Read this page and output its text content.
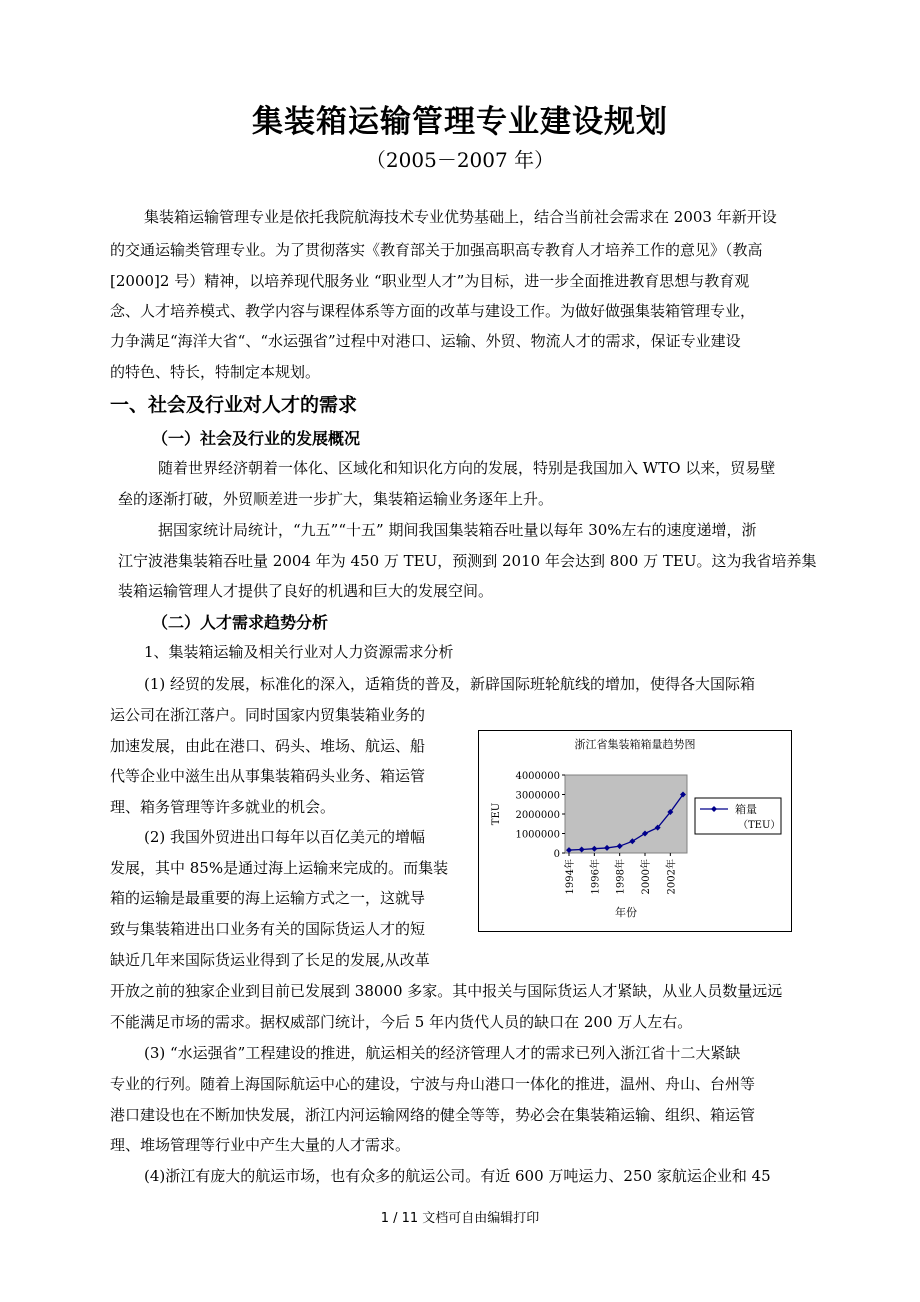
集装箱运输管理专业建设规划
（2005－2007 年）
集装箱运输管理专业是依托我院航海技术专业优势基础上，结合当前社会需求在 2003 年新开设
的交通运输类管理专业。为了贯彻落实《教育部关于加强高职高专教育人才培养工作的意见》（教高
[2000]2 号）精神，以培养现代服务业 “职业型人才”为目标，进一步全面推进教育思想与教育观
念、人才培养模式、教学内容与课程体系等方面的改革与建设工作。为做好做强集装箱管理专业，
力争满足“海洋大省“、“水运强省”过程中对港口、运输、外贸、物流人才的需求，保证专业建设
的特色、特长，特制定本规划。
一、社会及行业对人才的需求
（一）社会及行业的发展概况
随着世界经济朝着一体化、区域化和知识化方向的发展，特别是我国加入 WTO 以来，贸易壁
垒的逐渐打破，外贸顺差进一步扩大，集装箱运输业务逐年上升。
据国家统计局统计，“九五”“十五” 期间我国集装箱吞吐量以每年 30%左右的速度递增，浙
江宁波港集装箱吞吐量 2004 年为 450 万 TEU，预测到 2010 年会达到 800 万 TEU。这为我省培养集
装箱运输管理人才提供了良好的机遇和巨大的发展空间。
（二）人才需求趋势分析
1、集装箱运输及相关行业对人力资源需求分析
(1) 经贸的发展，标准化的深入，适箱货的普及，新辟国际班轮航线的增加，使得各大国际箱
运公司在浙江落户。同时国家内贸集装箱业务的
加速发展，由此在港口、码头、堆场、航运、船
代等企业中滋生出从事集装箱码头业务、箱运管
理、箱务管理等许多就业的机会。
(2) 我国外贸进出口每年以百亿美元的增幅
发展，其中 85%是通过海上运输来完成的。而集装
箱的运输是最重要的海上运输方式之一，这就导
致与集装箱进出口业务有关的国际货运人才的短
缺近几年来国际货运业得到了长足的发展,从改革
开放之前的独家企业到目前已发展到 38000 多家。其中报关与国际货运人才紧缺，从业人员数量远远
不能满足市场的需求。据权威部门统计，今后 5 年内货代人员的缺口在 200 万人左右。
(3) “水运强省”工程建设的推进，航运相关的经济管理人才的需求已列入浙江省十二大紧缺
专业的行列。随着上海国际航运中心的建设，宁波与舟山港口一体化的推进，温州、舟山、台州等
港口建设也在不断加快发展，浙江内河运输网络的健全等等，势必会在集装箱运输、组织、箱运管
理、堆场管理等行业中产生大量的人才需求。
(4)浙江有庞大的航运市场，也有众多的航运公司。有近 600 万吨运力、250 家航运企业和 45
浙江省集装箱箱量趋势图
0
1000000
2000000
3000000
4000000
TEU
1994年 1996年 1998年 2000年 2002年
年份
箱量
（TEU）
1 / 11 文档可自由编辑打印
